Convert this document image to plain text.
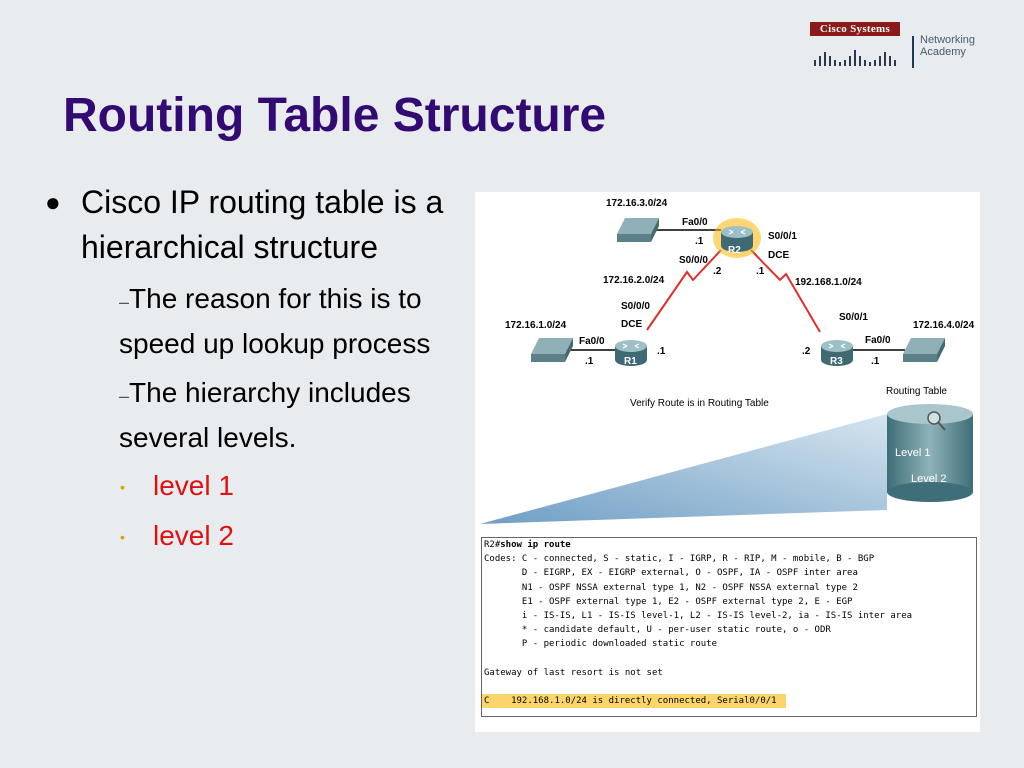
Cisco Systems
Networking
Academy
Routing Table Structure
● Cisco IP routing table is a hierarchical structure
–The reason for this is to speed up lookup process
–The hierarchy includes several levels.
• level 1
• level 2
172.16.3.0/24
Fa0/0
.1
R2
S0/0/1
DCE
S0/0/0
.2	.1
172.16.2.0/24	192.168.1.0/24
S0/0/0
DCE
172.16.1.0/24
Fa0/0
.1
.1
R1
S0/0/1
Fa0/0
172.16.4.0/24
.2
.1
R3
Verify Route is in Routing Table
Routing Table
Level 1
Level 2
R2#show ip route
Codes: C - connected, S - static, I - IGRP, R - RIP, M - mobile, B - BGP
D - EIGRP, EX - EIGRP external, O - OSPF, IA - OSPF inter area
N1 - OSPF NSSA external type 1, N2 - OSPF NSSA external type 2
E1 - OSPF external type 1, E2 - OSPF external type 2, E - EGP
i - IS-IS, L1 - IS-IS level-1, L2 - IS-IS level-2, ia - IS-IS inter area
* - candidate default, U - per-user static route, o - ODR
P - periodic downloaded static route
Gateway of last resort is not set
C    192.168.1.0/24 is directly connected, Serial0/0/1
